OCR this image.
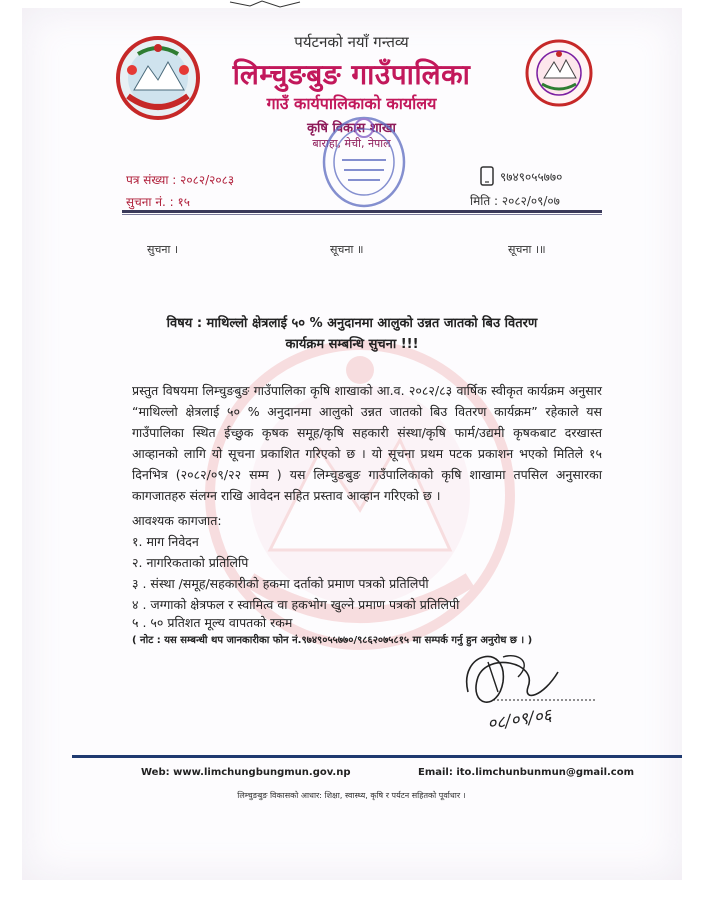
पर्यटनको नयाँ गन्तव्य
लिम्चुङबुङ गाउँपालिका
गाउँ कार्यपालिकाको कार्यालय
कृषि विकास शाखा
बाराहा, मेची, नेपाल
पत्र संख्या : २०८२/२०८३
सुचना नं. : १५
९७४९०५५७७०
मिति : २०८२/०९/०७
सुचना ।	सूचना ॥	सूचना ।॥
विषय : माथिल्लो क्षेत्रलाई ५० % अनुदानमा आलुको उन्नत जातको बिउ वितरण
कार्यक्रम सम्बन्धि सुचना !!!

प्रस्तुत विषयमा लिम्चुङबुङ गाउँपालिका कृषि शाखाको आ.व. २०८२/८३ वार्षिक स्वीकृत कार्यक्रम अनुसार “माथिल्लो क्षेत्रलाई ५० % अनुदानमा आलुको उन्नत जातको बिउ वितरण कार्यक्रम” रहेकाले यस गाउँपालिका स्थित ईच्छुक कृषक समूह/कृषि सहकारी संस्था/कृषि फार्म/उद्यमी कृषकबाट दरखास्त आव्हानको लागि यो सूचना प्रकाशित गरिएको छ । यो सूचना प्रथम पटक प्रकाशन भएको मितिले १५ दिनभित्र (२०८२/०९/२२ सम्म ) यस लिम्चुङबुङ गाउँपालिकाको कृषि शाखामा तपसिल अनुसारका कागजातहरु संलग्न राखि आवेदन सहित प्रस्ताव आव्हान गरिएको छ ।

आवश्यक कागजात:
१. माग निवेदन
२. नागरिकताको प्रतिलिपि
३ . संस्था /समूह/सहकारीको हकमा दर्ताको प्रमाण पत्रको प्रतिलिपी
४ . जग्गाको क्षेत्रफल र स्वामित्व वा हकभोग खुल्ने प्रमाण पत्रको प्रतिलिपी
५ . ५० प्रतिशत मूल्य वापतको रकम
( नोट : यस सम्बन्धी थप जानकारीका फोन नं.९७४९०५५७७०/९८६२०७५८१५ मा सम्पर्क गर्नु हुन अनुरोध छ । )
०८/०९/०६
Web: www.limchungbungmun.gov.np	Email: ito.limchunbunmun@gmail.com
लिम्चुङबुङ विकासको आधार: शिक्षा, स्वास्थ्य, कृषि र पर्यटन सहितको पूर्वाधार ।
